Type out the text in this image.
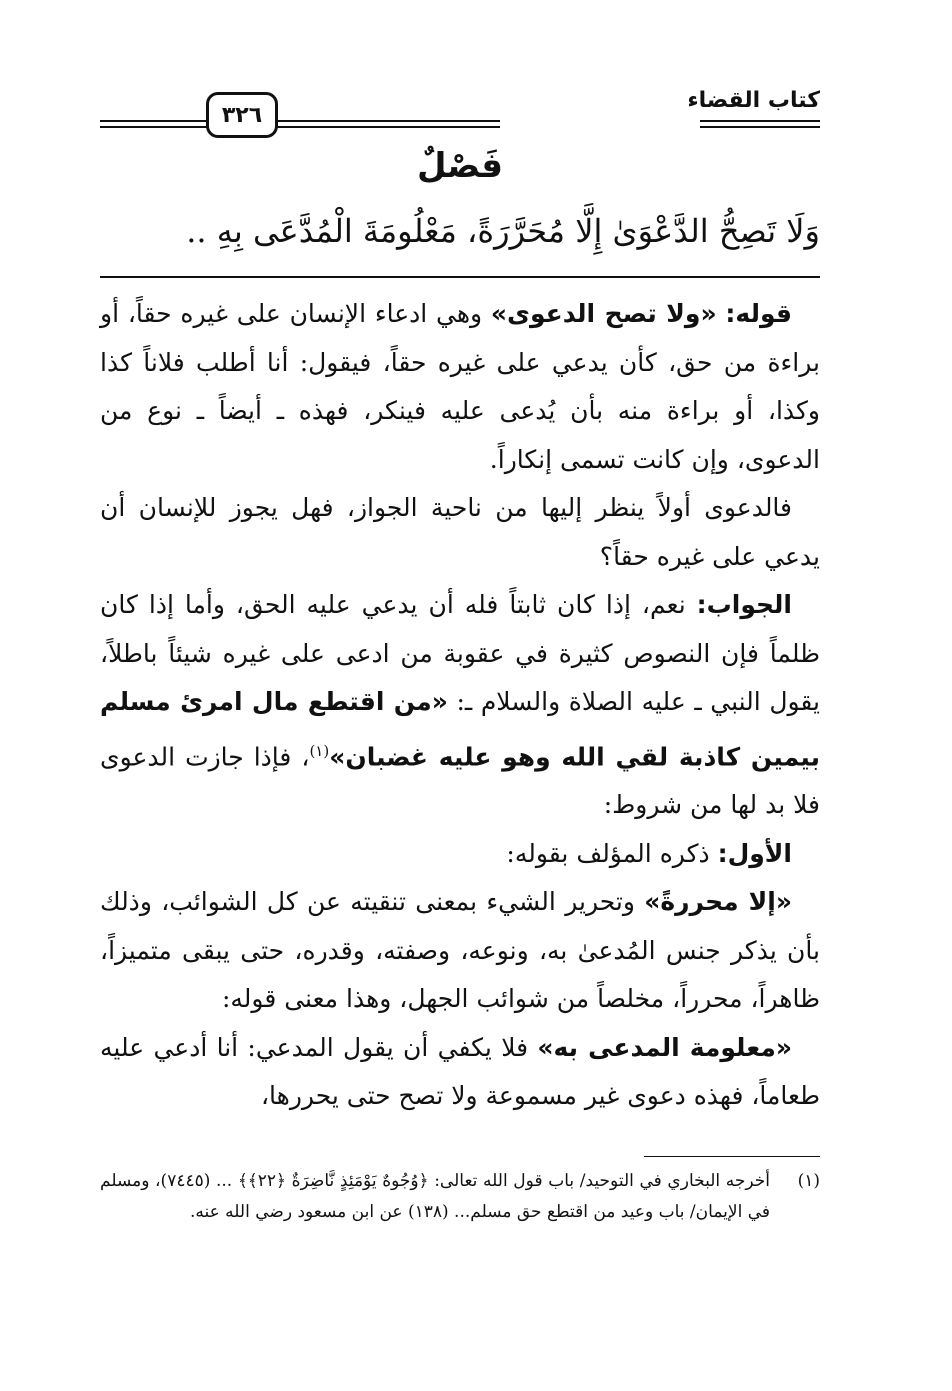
كتاب القضاء
٣٢٦
فَصْلٌ
وَلَا تَصِحُّ الدَّعْوَىٰ إِلَّا مُحَرَّرَةً، مَعْلُومَةَ الْمُدَّعَى بِهِ ..

قوله: «ولا تصح الدعوى» وهي ادعاء الإنسان على غيره حقاً، أو براءة من حق، كأن يدعي على غيره حقاً، فيقول: أنا أطلب فلاناً كذا وكذا، أو براءة منه بأن يُدعى عليه فينكر، فهذه ـ أيضاً ـ نوع من الدعوى، وإن كانت تسمى إنكاراً.

فالدعوى أولاً ينظر إليها من ناحية الجواز، فهل يجوز للإنسان أن يدعي على غيره حقاً؟

الجواب: نعم، إذا كان ثابتاً فله أن يدعي عليه الحق، وأما إذا كان ظلماً فإن النصوص كثيرة في عقوبة من ادعى على غيره شيئاً باطلاً، يقول النبي ـ عليه الصلاة والسلام ـ: «من اقتطع مال امرئ مسلم بيمين كاذبة لقي الله وهو عليه غضبان»$^{(١)}$، فإذا جازت الدعوى فلا بد لها من شروط:

الأول: ذكره المؤلف بقوله:

«إلا محررةً» وتحرير الشيء بمعنى تنقيته عن كل الشوائب، وذلك بأن يذكر جنس المُدعىٰ به، ونوعه، وصفته، وقدره، حتى يبقى متميزاً، ظاهراً، محرراً، مخلصاً من شوائب الجهل، وهذا معنى قوله:

«معلومة المدعى به» فلا يكفي أن يقول المدعي: أنا أدعي عليه طعاماً، فهذه دعوى غير مسموعة ولا تصح حتى يحررها،

(١)
أخرجه البخاري في التوحيد/ باب قول الله تعالى: ﴿وُجُوهٌ يَوْمَئِذٍ نَّاضِرَةٌ ﴿٢٢﴾﴾ ... (٧٤٤٥)، ومسلم في الإيمان/ باب وعيد من اقتطع حق مسلم... (١٣٨) عن ابن مسعود رضي الله عنه.
